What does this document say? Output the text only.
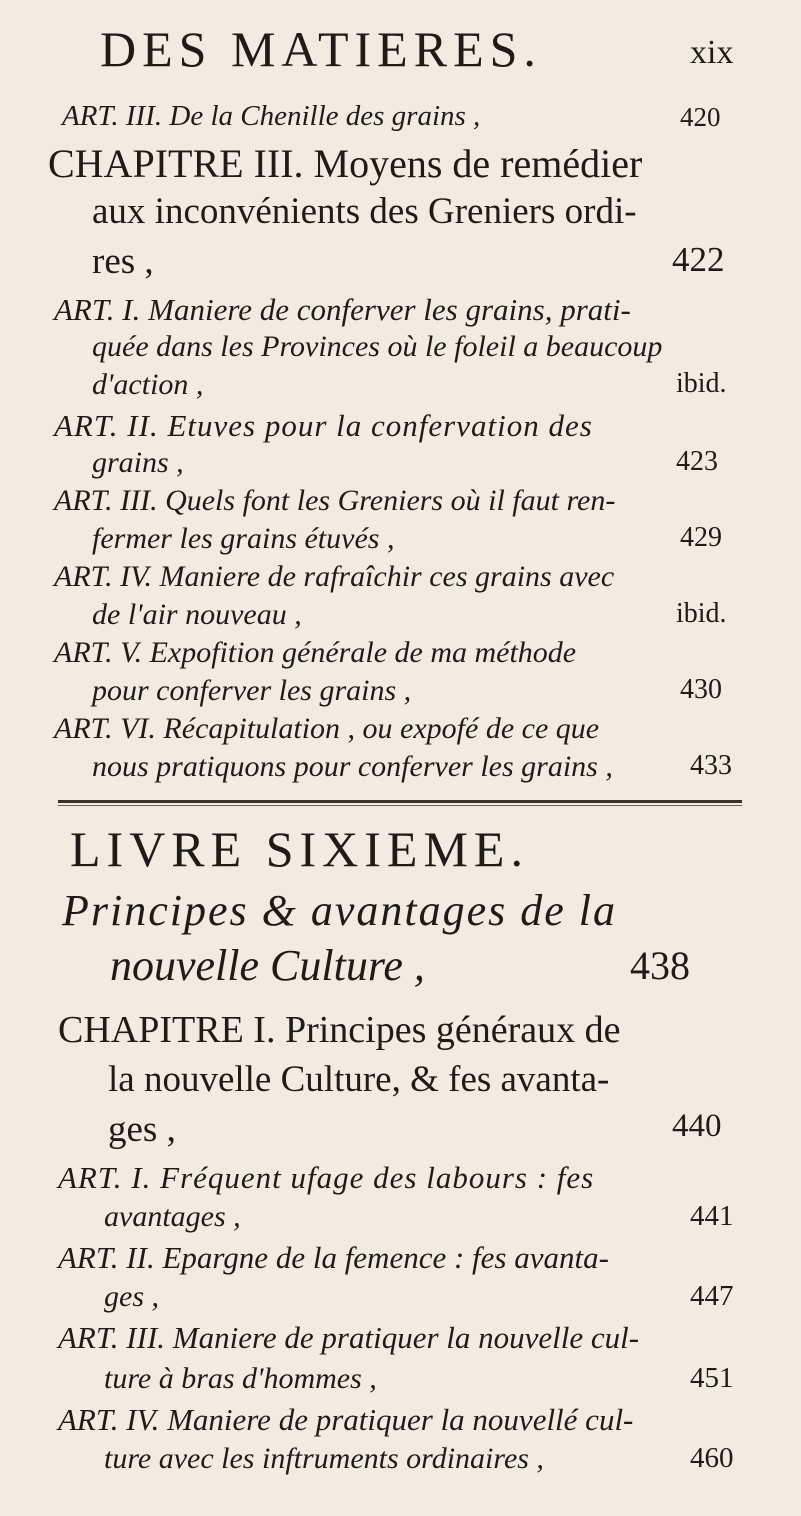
DES MATIERES.	xix
ART. III. De la Chenille des grains ,	420
CHAPITRE III. Moyens de remédier
aux inconvénients des Greniers ordi-
res ,	422
ART. I. Maniere de conferver les grains, prati-
quée dans les Provinces où le foleil a beaucoup
d'action ,	ibid.
ART. II. Etuves pour la confervation des
grains ,	423
ART. III. Quels font les Greniers où il faut ren-
fermer les grains étuvés ,	429
ART. IV. Maniere de rafraîchir ces grains avec
de l'air nouveau ,	ibid.
ART. V. Expofition générale de ma méthode
pour conferver les grains ,	430
ART. VI. Récapitulation , ou expofé de ce que
nous pratiquons pour conferver les grains ,	433
LIVRE SIXIEME.
Principes & avantages de la
nouvelle Culture ,	438
CHAPITRE I. Principes généraux de
la nouvelle Culture, & fes avanta-
ges ,	440
ART. I. Fréquent ufage des labours : fes
avantages ,	441
ART. II. Epargne de la femence : fes avanta-
ges ,	447
ART. III. Maniere de pratiquer la nouvelle cul-
ture à bras d'hommes ,	451
ART. IV. Maniere de pratiquer la nouvellé cul-
ture avec les inftruments ordinaires ,	460
